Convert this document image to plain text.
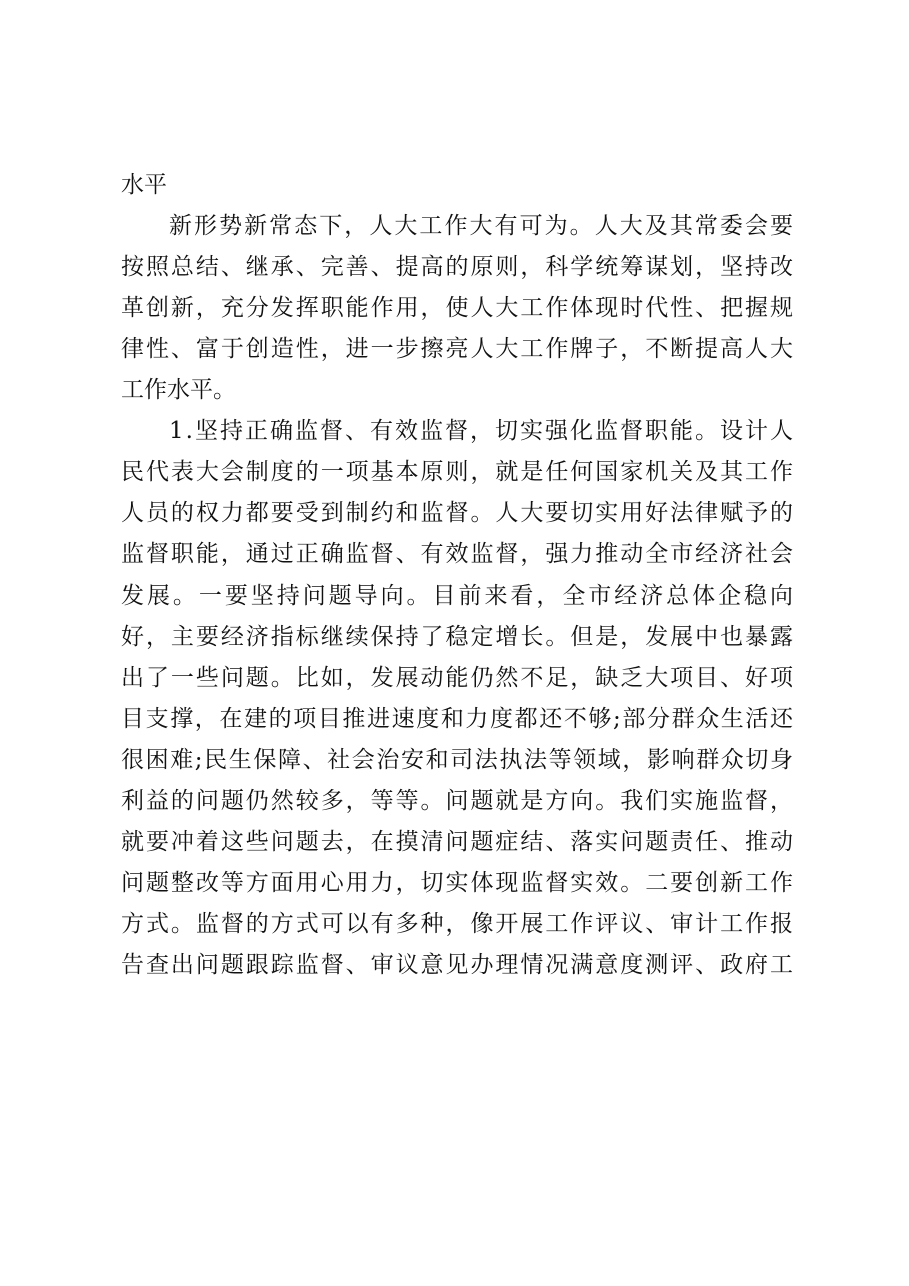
水 平
新 形 势 新 常 态 下 ， 人 大 工 作 大 有 可 为 。 人 大 及 其 常 委 会 要
按 照 总 结 、 继 承 、 完 善 、 提 高 的 原 则 ， 科 学 统 筹 谋 划 ， 坚 持 改
革 创 新 ， 充 分 发 挥 职 能 作 用 ， 使 人 大 工 作 体 现 时 代 性 、 把 握 规
律 性 、 富 于 创 造 性 ， 进 一 步 擦 亮 人 大 工 作 牌 子 ， 不 断 提 高 人 大
工 作 水 平 。
1 . 坚 持 正 确 监 督 、 有 效 监 督 ， 切 实 强 化 监 督 职 能 。 设 计 人
民 代 表 大 会 制 度 的 一 项 基 本 原 则 ， 就 是 任 何 国 家 机 关 及 其 工 作
人 员 的 权 力 都 要 受 到 制 约 和 监 督 。 人 大 要 切 实 用 好 法 律 赋 予 的
监 督 职 能 ， 通 过 正 确 监 督 、 有 效 监 督 ， 强 力 推 动 全 市 经 济 社 会
发 展 。 一 要 坚 持 问 题 导 向 。 目 前 来 看 ， 全 市 经 济 总 体 企 稳 向
好 ， 主 要 经 济 指 标 继 续 保 持 了 稳 定 增 长 。 但 是 ， 发 展 中 也 暴 露
出 了 一 些 问 题 。 比 如 ， 发 展 动 能 仍 然 不 足 ， 缺 乏 大 项 目 、 好 项
目 支 撑 ， 在 建 的 项 目 推 进 速 度 和 力 度 都 还 不 够 ; 部 分 群 众 生 活 还
很 困 难 ; 民 生 保 障 、 社 会 治 安 和 司 法 执 法 等 领 域 ， 影 响 群 众 切 身
利 益 的 问 题 仍 然 较 多 ， 等 等 。 问 题 就 是 方 向 。 我 们 实 施 监 督 ，
就 要 冲 着 这 些 问 题 去 ， 在 摸 清 问 题 症 结 、 落 实 问 题 责 任 、 推 动
问 题 整 改 等 方 面 用 心 用 力 ， 切 实 体 现 监 督 实 效 。 二 要 创 新 工 作
方 式 。 监 督 的 方 式 可 以 有 多 种 ， 像 开 展 工 作 评 议 、 审 计 工 作 报
告 查 出 问 题 跟 踪 监 督 、 审 议 意 见 办 理 情 况 满 意 度 测 评 、 政 府 工
